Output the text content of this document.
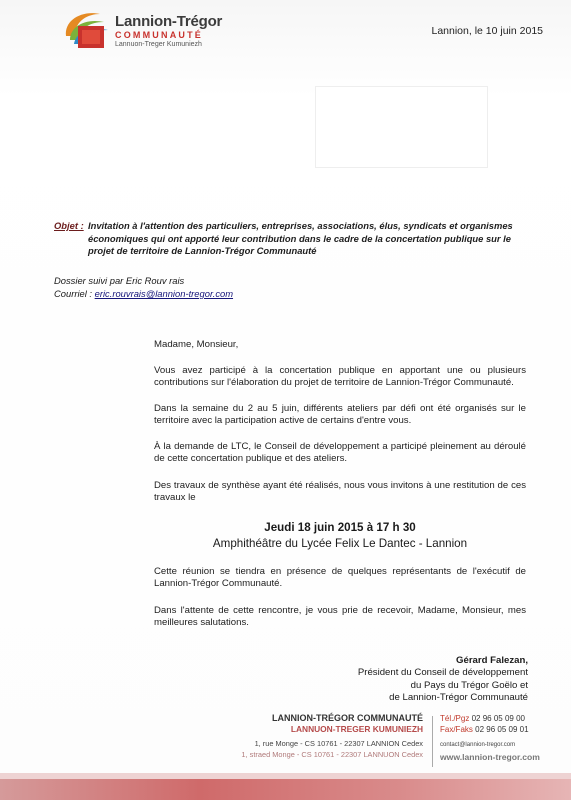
Lannion-Trégor
COMMUNAUTÉ
Lannuon-Treger Kumuniezh
Lannion, le 10 juin 2015
Objet : Invitation à l'attention des particuliers, entreprises, associations, élus, syndicats et organismes économiques qui ont apporté leur contribution dans le cadre de la concertation publique sur le projet de territoire de Lannion-Trégor Communauté
Dossier suivi par Eric Rouv rais
Courriel : eric.rouvrais@lannion-tregor.com
Madame, Monsieur,
Vous avez participé à la concertation publique en apportant une ou plusieurs contributions sur l'élaboration du projet de territoire de Lannion-Trégor Communauté.
Dans la semaine du 2 au 5 juin, différents ateliers par défi ont été organisés sur le territoire avec la participation active de certains d'entre vous.
À la demande de LTC, le Conseil de développement a participé pleinement au déroulé de cette concertation publique et des ateliers.
Des travaux de synthèse ayant été réalisés, nous vous invitons à une restitution de ces travaux le
Jeudi 18 juin 2015 à 17 h 30
Amphithéâtre du Lycée Felix Le Dantec - Lannion
Cette réunion se tiendra en présence de quelques représentants de l'exécutif de Lannion-Trégor Communauté.
Dans l'attente de cette rencontre, je vous prie de recevoir, Madame, Monsieur, mes meilleures salutations.
Gérard Falezan,
Président du Conseil de développement
du Pays du Trégor Goëlo et
de Lannion-Trégor Communauté
LANNION-TRÉGOR COMMUNAUTÉ
LANNUON-TREGER KUMUNIEZH
1, rue Monge - CS 10761 - 22307 LANNION Cedex
1, straed Monge - CS 10761 - 22307 LANNUON Cedex
Tél./Pgz 02 96 05 09 00
Fax/Faks 02 96 05 09 01
contact@lannion-tregor.com
www.lannion-tregor.com
